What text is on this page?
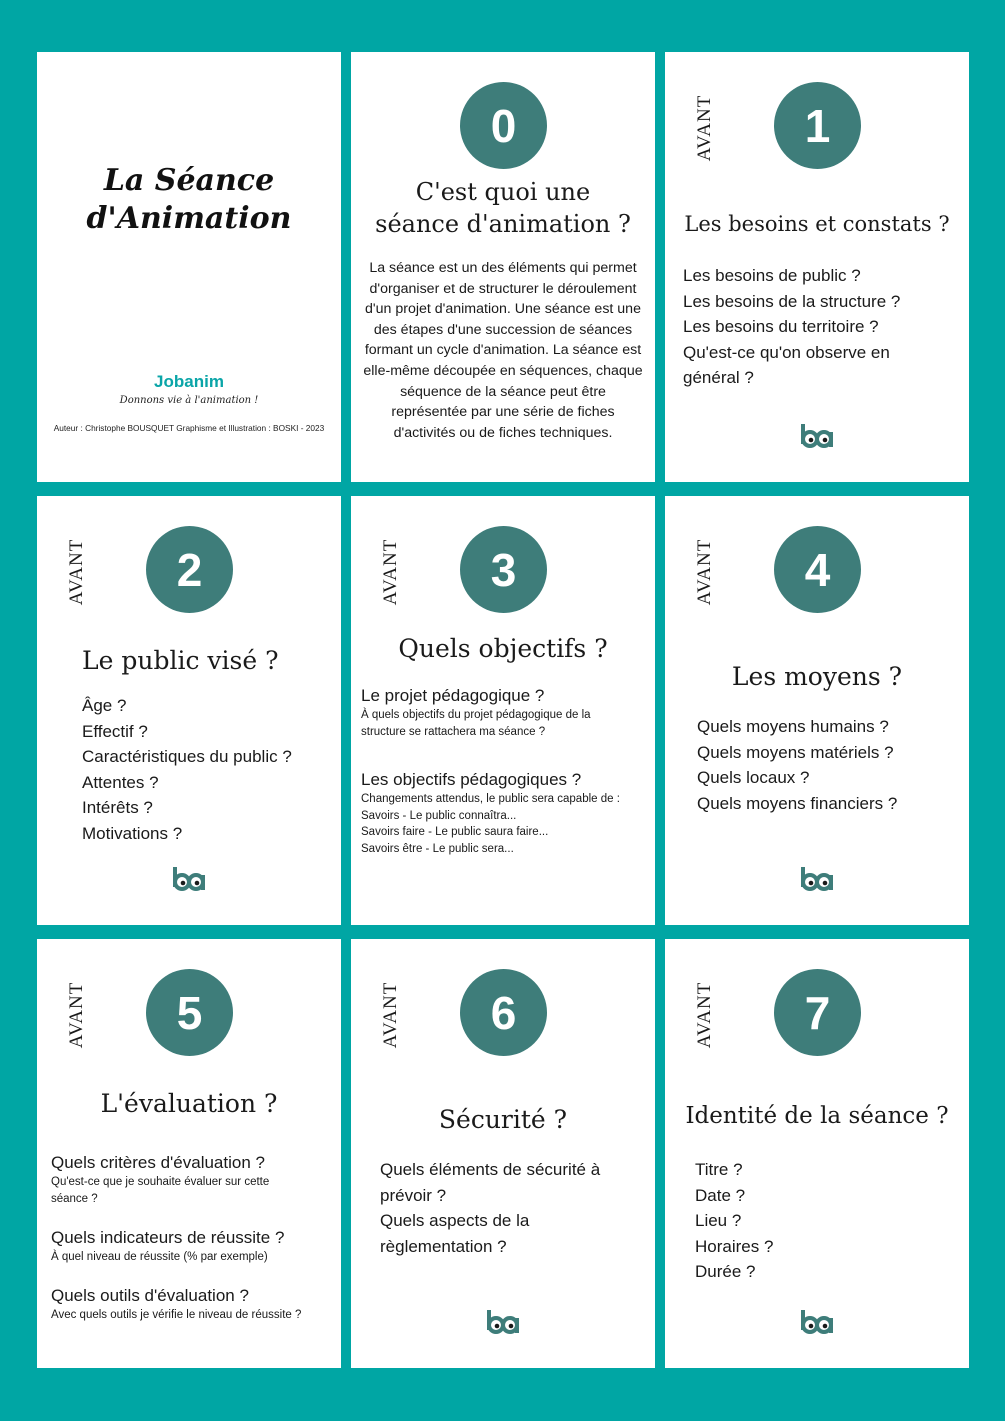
La Séance
d'Animation
Jobanim
Donnons vie à l'animation !
Auteur : Christophe BOUSQUET Graphisme et Illustration : BOSKI - 2023
0
C'est quoi une
séance d'animation ?
La séance est un des éléments qui permet d'organiser et de structurer le déroulement d'un projet d'animation. Une séance est une des étapes d'une succession de séances formant un cycle d'animation. La séance est elle-même découpée en séquences, chaque séquence de la séance peut être représentée par une série de fiches d'activités ou de fiches techniques.
AVANT	1
Les besoins et constats ?
Les besoins de public ?
Les besoins de la structure ?
Les besoins du territoire ?
Qu'est-ce qu'on observe en
général ?
AVANT	2
Le public visé ?
Âge ?
Effectif ?
Caractéristiques du public ?
Attentes ?
Intérêts ?
Motivations ?
AVANT	3
Quels objectifs ?
Le projet pédagogique ?
À quels objectifs du projet pédagogique de la
structure se rattachera ma séance ?
Les objectifs pédagogiques ?
Changements attendus, le public sera capable de :
Savoirs - Le public connaîtra...
Savoirs faire - Le public saura faire...
Savoirs être - Le public sera...
AVANT	4
Les moyens ?
Quels moyens humains ?
Quels moyens matériels ?
Quels locaux ?
Quels moyens financiers ?
AVANT	5
L'évaluation ?
Quels critères d'évaluation ?
Qu'est-ce que je souhaite évaluer sur cette
séance ?
Quels indicateurs de réussite ?
À quel niveau de réussite (% par exemple)
Quels outils d'évaluation ?
Avec quels outils je vérifie le niveau de réussite ?
AVANT	6
Sécurité ?
Quels éléments de sécurité à
prévoir ?
Quels aspects de la
règlementation ?
AVANT	7
Identité de la séance ?
Titre ?
Date ?
Lieu ?
Horaires ?
Durée ?
